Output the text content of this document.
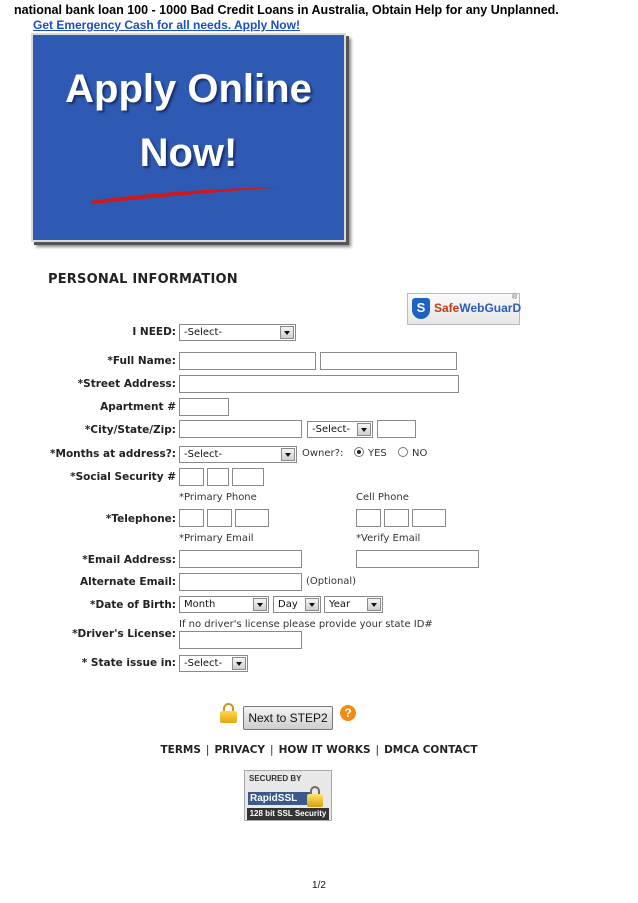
national bank loan 100 - 1000 Bad Credit Loans in Australia, Obtain Help for any Unplanned.
Get Emergency Cash for all needs. Apply Now!
Apply Online
Now!
PERSONAL INFORMATION
S SafeWebGuarD
®
I NEED: -Select-
*Full Name:
*Street Address:
Apartment #
*City/State/Zip:	-Select-
*Months at address?: -Select-	Owner?: YES	NO
*Social Security #
*Primary Phone	Cell Phone
*Telephone:
*Primary Email	*Verify Email
*Email Address:
Alternate Email:	(Optional)
*Date of Birth: Month	Day	Year
If no driver's license please provide your state ID#
*Driver's License:
* State issue in: -Select-
Next to STEP2	?
TERMS | PRIVACY | HOW IT WORKS | DMCA CONTACT
SECURED BY
RapidSSL
128 bit SSL Security
1/2
